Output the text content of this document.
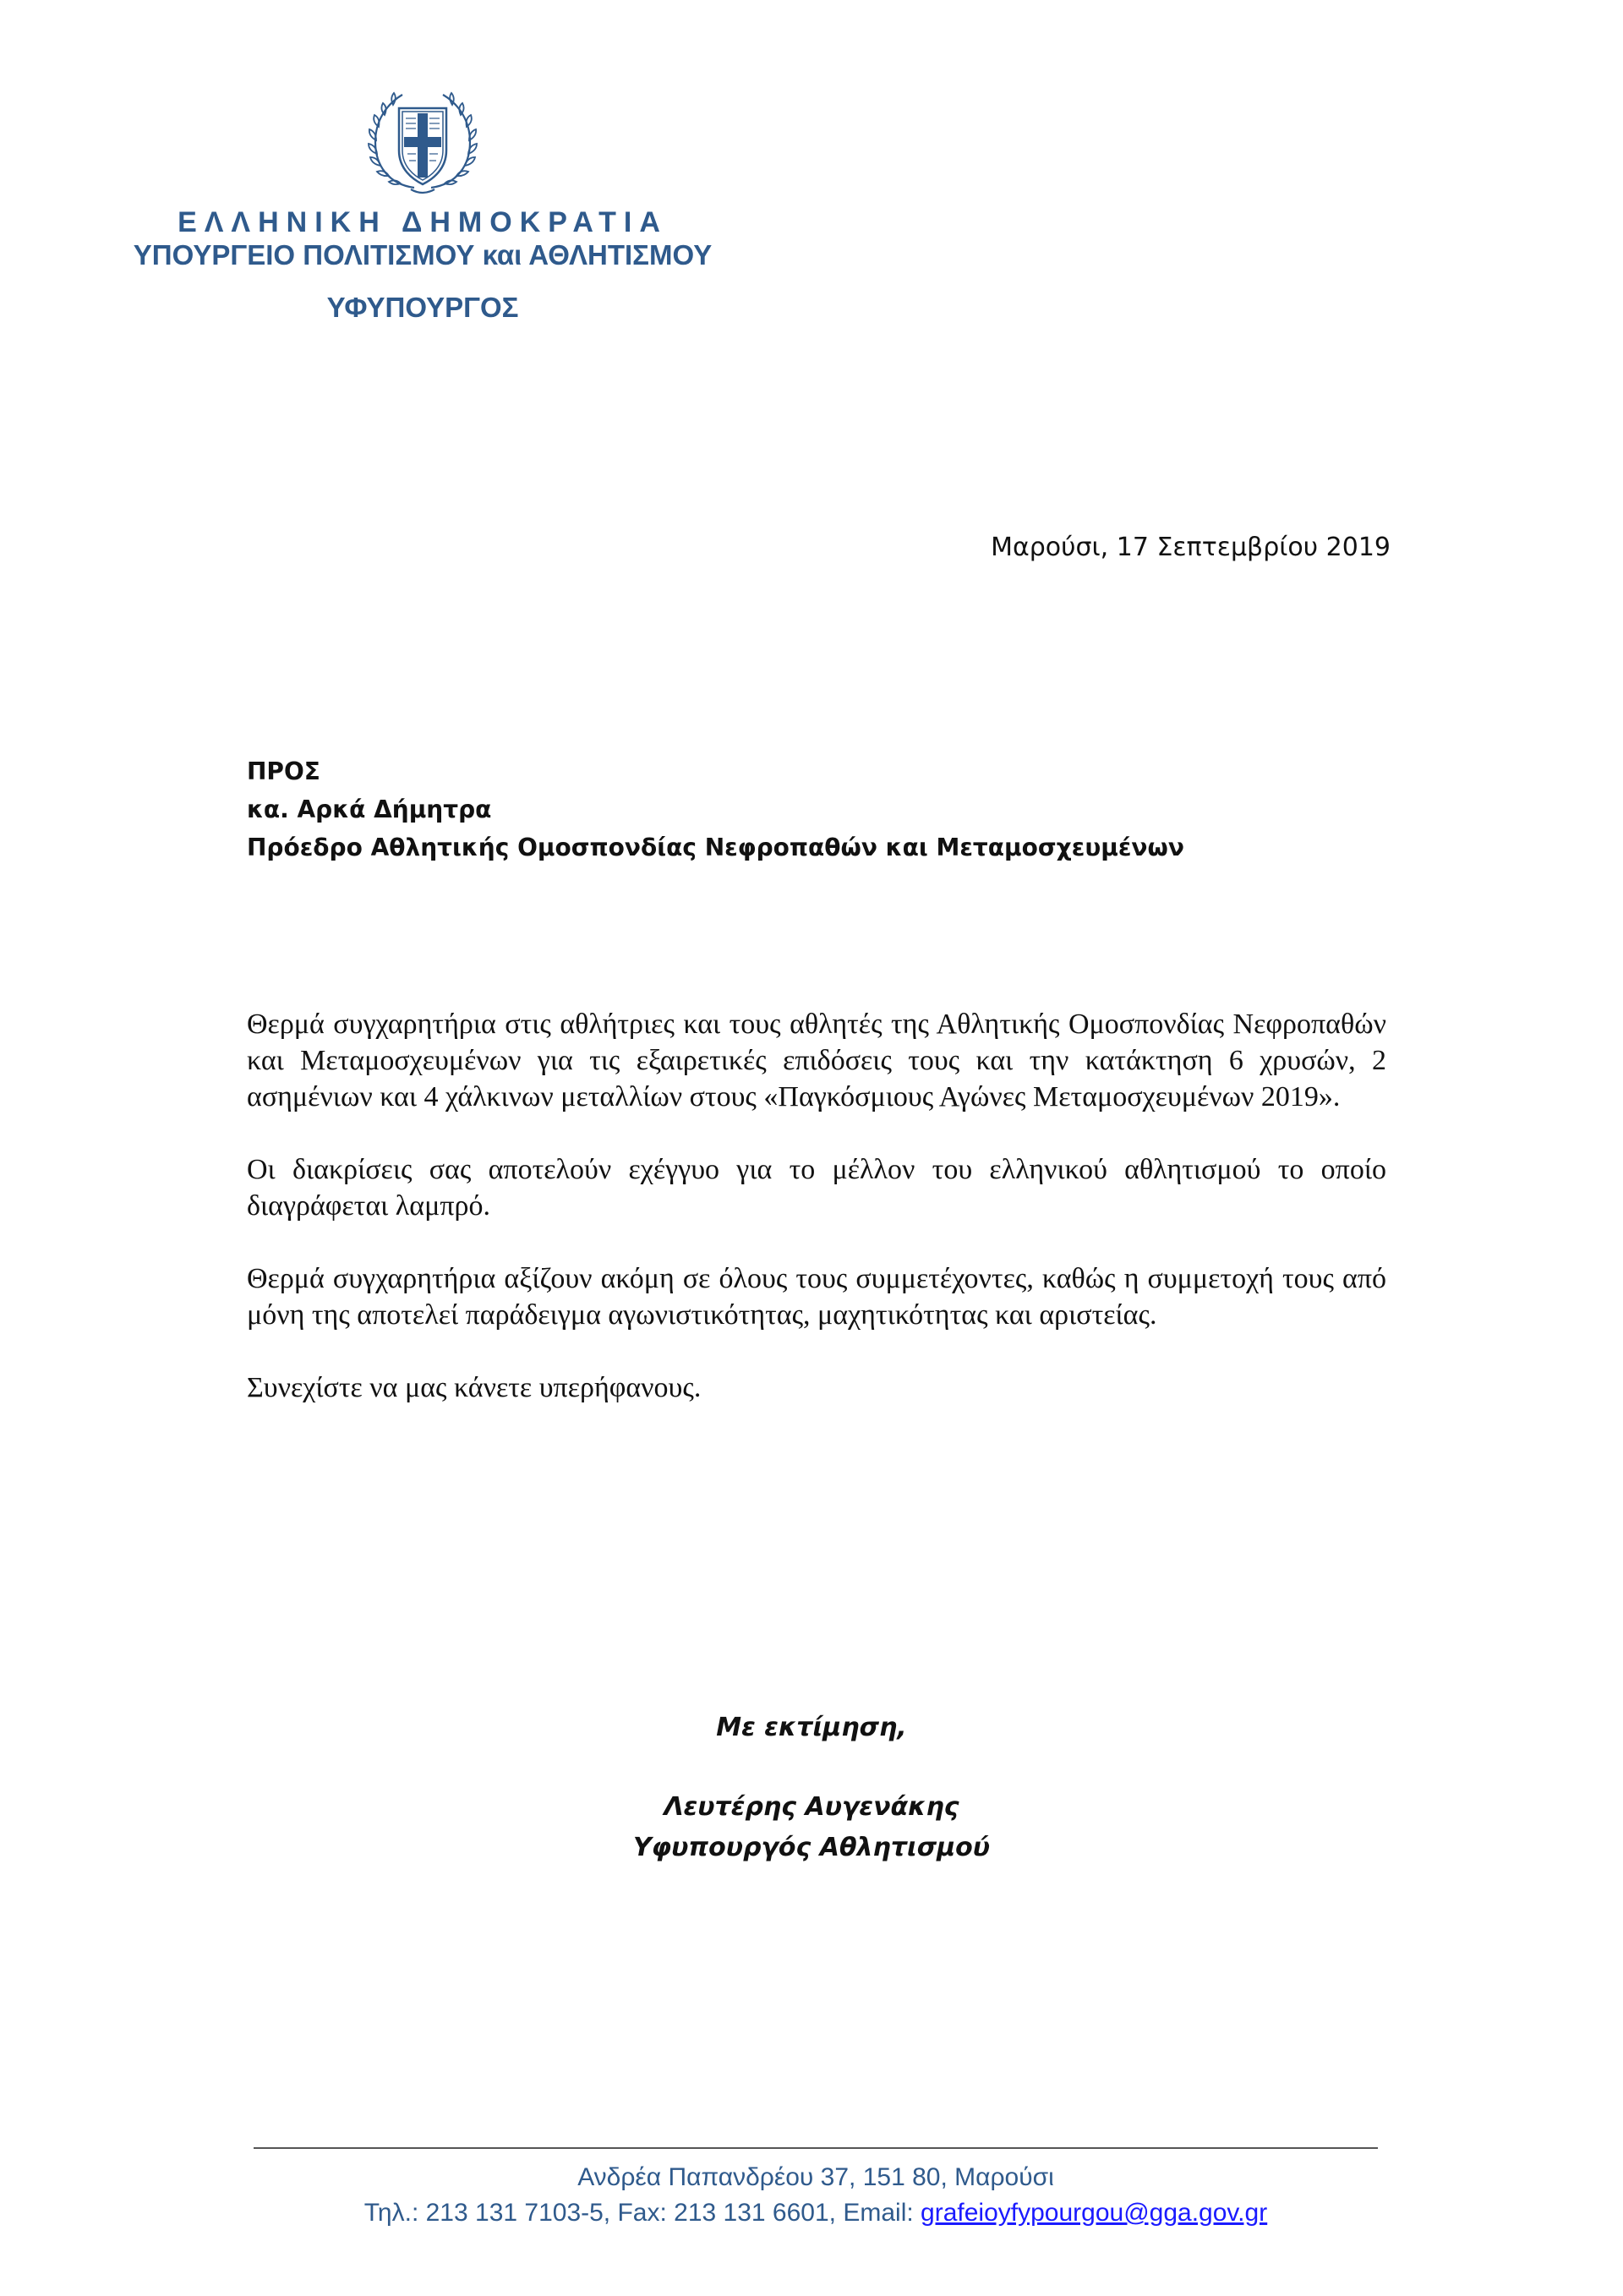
ΕΛΛΗΝΙΚΗ ΔΗΜΟΚΡΑΤΙΑ
ΥΠΟΥΡΓΕΙΟ ΠΟΛΙΤΙΣΜΟΥ και ΑΘΛΗΤΙΣΜΟΥ
ΥΦΥΠΟΥΡΓΟΣ
Μαρούσι, 17 Σεπτεμβρίου 2019
ΠΡΟΣ
κα. Αρκά Δήμητρα
Πρόεδρο Αθλητικής Ομοσπονδίας Νεφροπαθών και Μεταμοσχευμένων

Θερμά συγχαρητήρια στις αθλήτριες και τους αθλητές της Αθλητικής Ομοσπονδίας Νεφροπαθών και Μεταμοσχευμένων για τις εξαιρετικές επιδόσεις τους και την κατάκτηση 6 χρυσών, 2 ασημένιων και 4 χάλκινων μεταλλίων στους «Παγκόσμιους Αγώνες Μεταμοσχευμένων 2019».

Οι διακρίσεις σας αποτελούν εχέγγυο για το μέλλον του ελληνικού αθλητισμού το οποίο διαγράφεται λαμπρό.

Θερμά συγχαρητήρια αξίζουν ακόμη σε όλους τους συμμετέχοντες, καθώς η συμμετοχή τους από μόνη της αποτελεί παράδειγμα αγωνιστικότητας, μαχητικότητας και αριστείας.

Συνεχίστε να μας κάνετε υπερήφανους.

Με εκτίμηση,
Λευτέρης Αυγενάκης
Υφυπουργός Αθλητισμού
Ανδρέα Παπανδρέου 37, 151 80, Μαρούσι
Τηλ.: 213 131 7103-5, Fax: 213 131 6601, Email: grafeioyfypourgou@gga.gov.gr
